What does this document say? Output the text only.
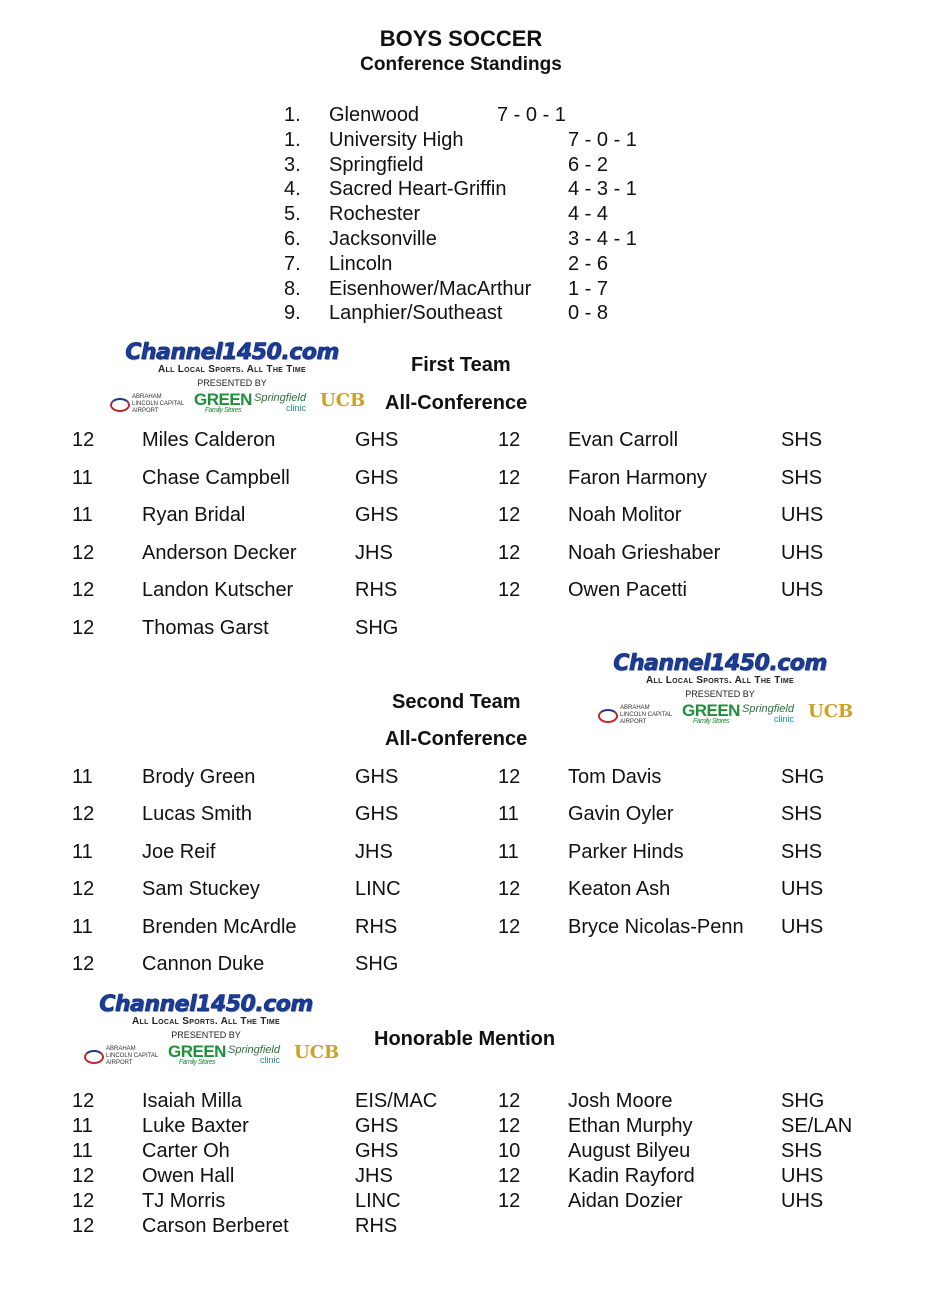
BOYS SOCCER
Conference Standings
1. Glenwood	7 - 0 - 1
1. University High	7 - 0 - 1
3. Springfield	6 - 2
4. Sacred Heart-Griffin	4 - 3 - 1
5. Rochester	4 - 4
6. Jacksonville	3 - 4 - 1
7. Lincoln	2 - 6
8. Eisenhower/MacArthur 1 - 7
9. Lanphier/Southeast	0 - 8
Channel1450.com
All Local Sports. All The Time
PRESENTED BY
ABRAHAM LINCOLN CAPITAL AIRPORT
GREEN
Family Stores
Springfield
clinic UCB
Channel1450.com
All Local Sports. All The Time
PRESENTED BY
ABRAHAM LINCOLN CAPITAL AIRPORT
GREEN
Family Stores
Springfield
clinic UCB
Channel1450.com
All Local Sports. All The Time
PRESENTED BY
ABRAHAM LINCOLN CAPITAL AIRPORT
GREEN
Family Stores
Springfield
clinic UCB
First Team
All-Conference
Second Team
All-Conference
Honorable Mention
12 Miles Calderon	GHS
11 Chase Campbell	GHS
11 Ryan Bridal	GHS
12 Anderson Decker	JHS
12 Landon Kutscher	RHS
12 Thomas Garst	SHG
12 Evan Carroll	SHS
12 Faron Harmony	SHS
12 Noah Molitor	UHS
12 Noah Grieshaber	UHS
12 Owen Pacetti	UHS
11 Brody Green	GHS
12 Lucas Smith	GHS
11 Joe Reif	JHS
12 Sam Stuckey	LINC
11 Brenden McArdle	RHS
12 Cannon Duke	SHG
12 Tom Davis	SHG
11 Gavin Oyler	SHS
11 Parker Hinds	SHS
12 Keaton Ash	UHS
12 Bryce Nicolas-Penn UHS
12 Isaiah Milla	EIS/MAC
11 Luke Baxter	GHS
11 Carter Oh	GHS
12 Owen Hall	JHS
12 TJ Morris	LINC
12 Carson Berberet	RHS
12 Josh Moore	SHG
12 Ethan Murphy	SE/LAN
10 August Bilyeu	SHS
12 Kadin Rayford	UHS
12 Aidan Dozier	UHS
